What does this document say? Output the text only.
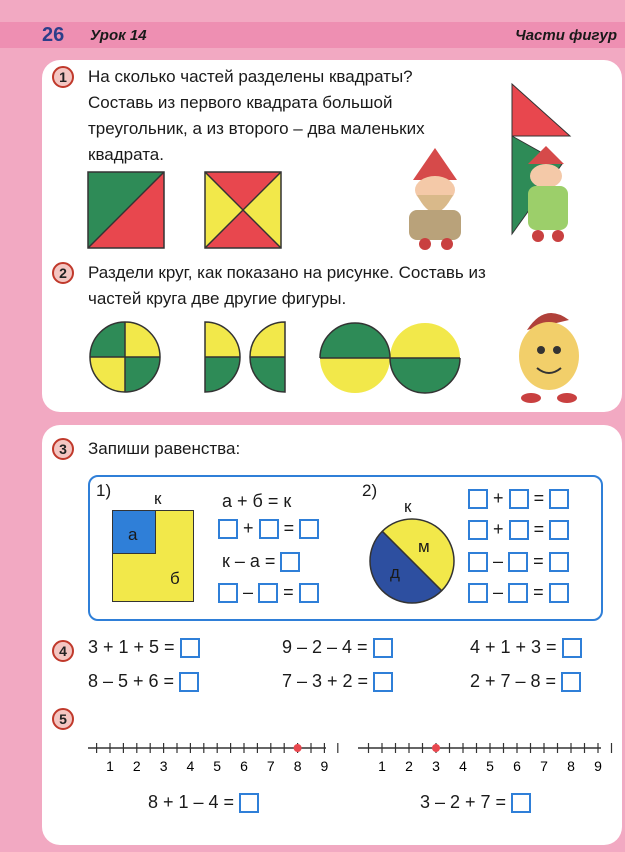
26 Урок 14	Части фигур
1	На сколько частей разделены квадраты?
Составь из первого квадрата большой
треугольник, а из второго – два маленьких
квадрата.
2	Раздели круг, как показано на рисунке. Составь из
частей круга две другие фигуры.
3	Запиши равенства:
1)	к
а
б
а + б = к
+ =
к – а =
– =
2)
к
м
д
+ =
+ =
– =
– =
4	3 + 1 + 5 =	9 – 2 – 4 =	4 + 1 + 3 =
8 – 5 + 6 =	7 – 3 + 2 =	2 + 7 – 8 =
5
1 2 3 4 5 6 7 8 9	1 2 3 4 5 6 7 8 9
8 + 1 – 4 =	3 – 2 + 7 =
